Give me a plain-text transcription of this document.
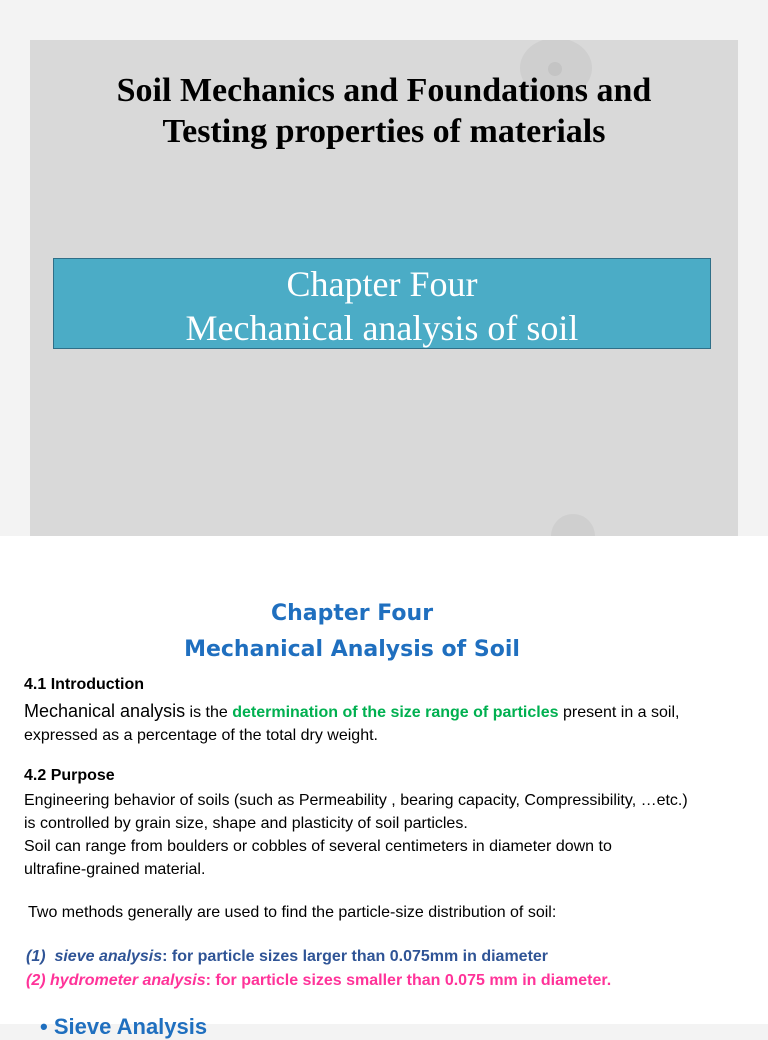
Soil Mechanics and Foundations and
Testing properties of materials
Chapter Four
Mechanical analysis of soil
Chapter Four
Mechanical Analysis of Soil
4.1 Introduction
Mechanical analysis is the determination of the size range of particles present in a soil,
expressed as a percentage of the total dry weight.
4.2 Purpose
Engineering behavior of soils (such as Permeability , bearing capacity, Compressibility, …etc.)
is controlled by grain size, shape and plasticity of soil particles.
Soil can range from boulders or cobbles of several centimeters in diameter down to
ultrafine-grained material.
Two methods generally are used to find the particle-size distribution of soil:
(1) sieve analysis: for particle sizes larger than 0.075mm in diameter
(2) hydrometer analysis: for particle sizes smaller than 0.075 mm in diameter.
• Sieve Analysis
